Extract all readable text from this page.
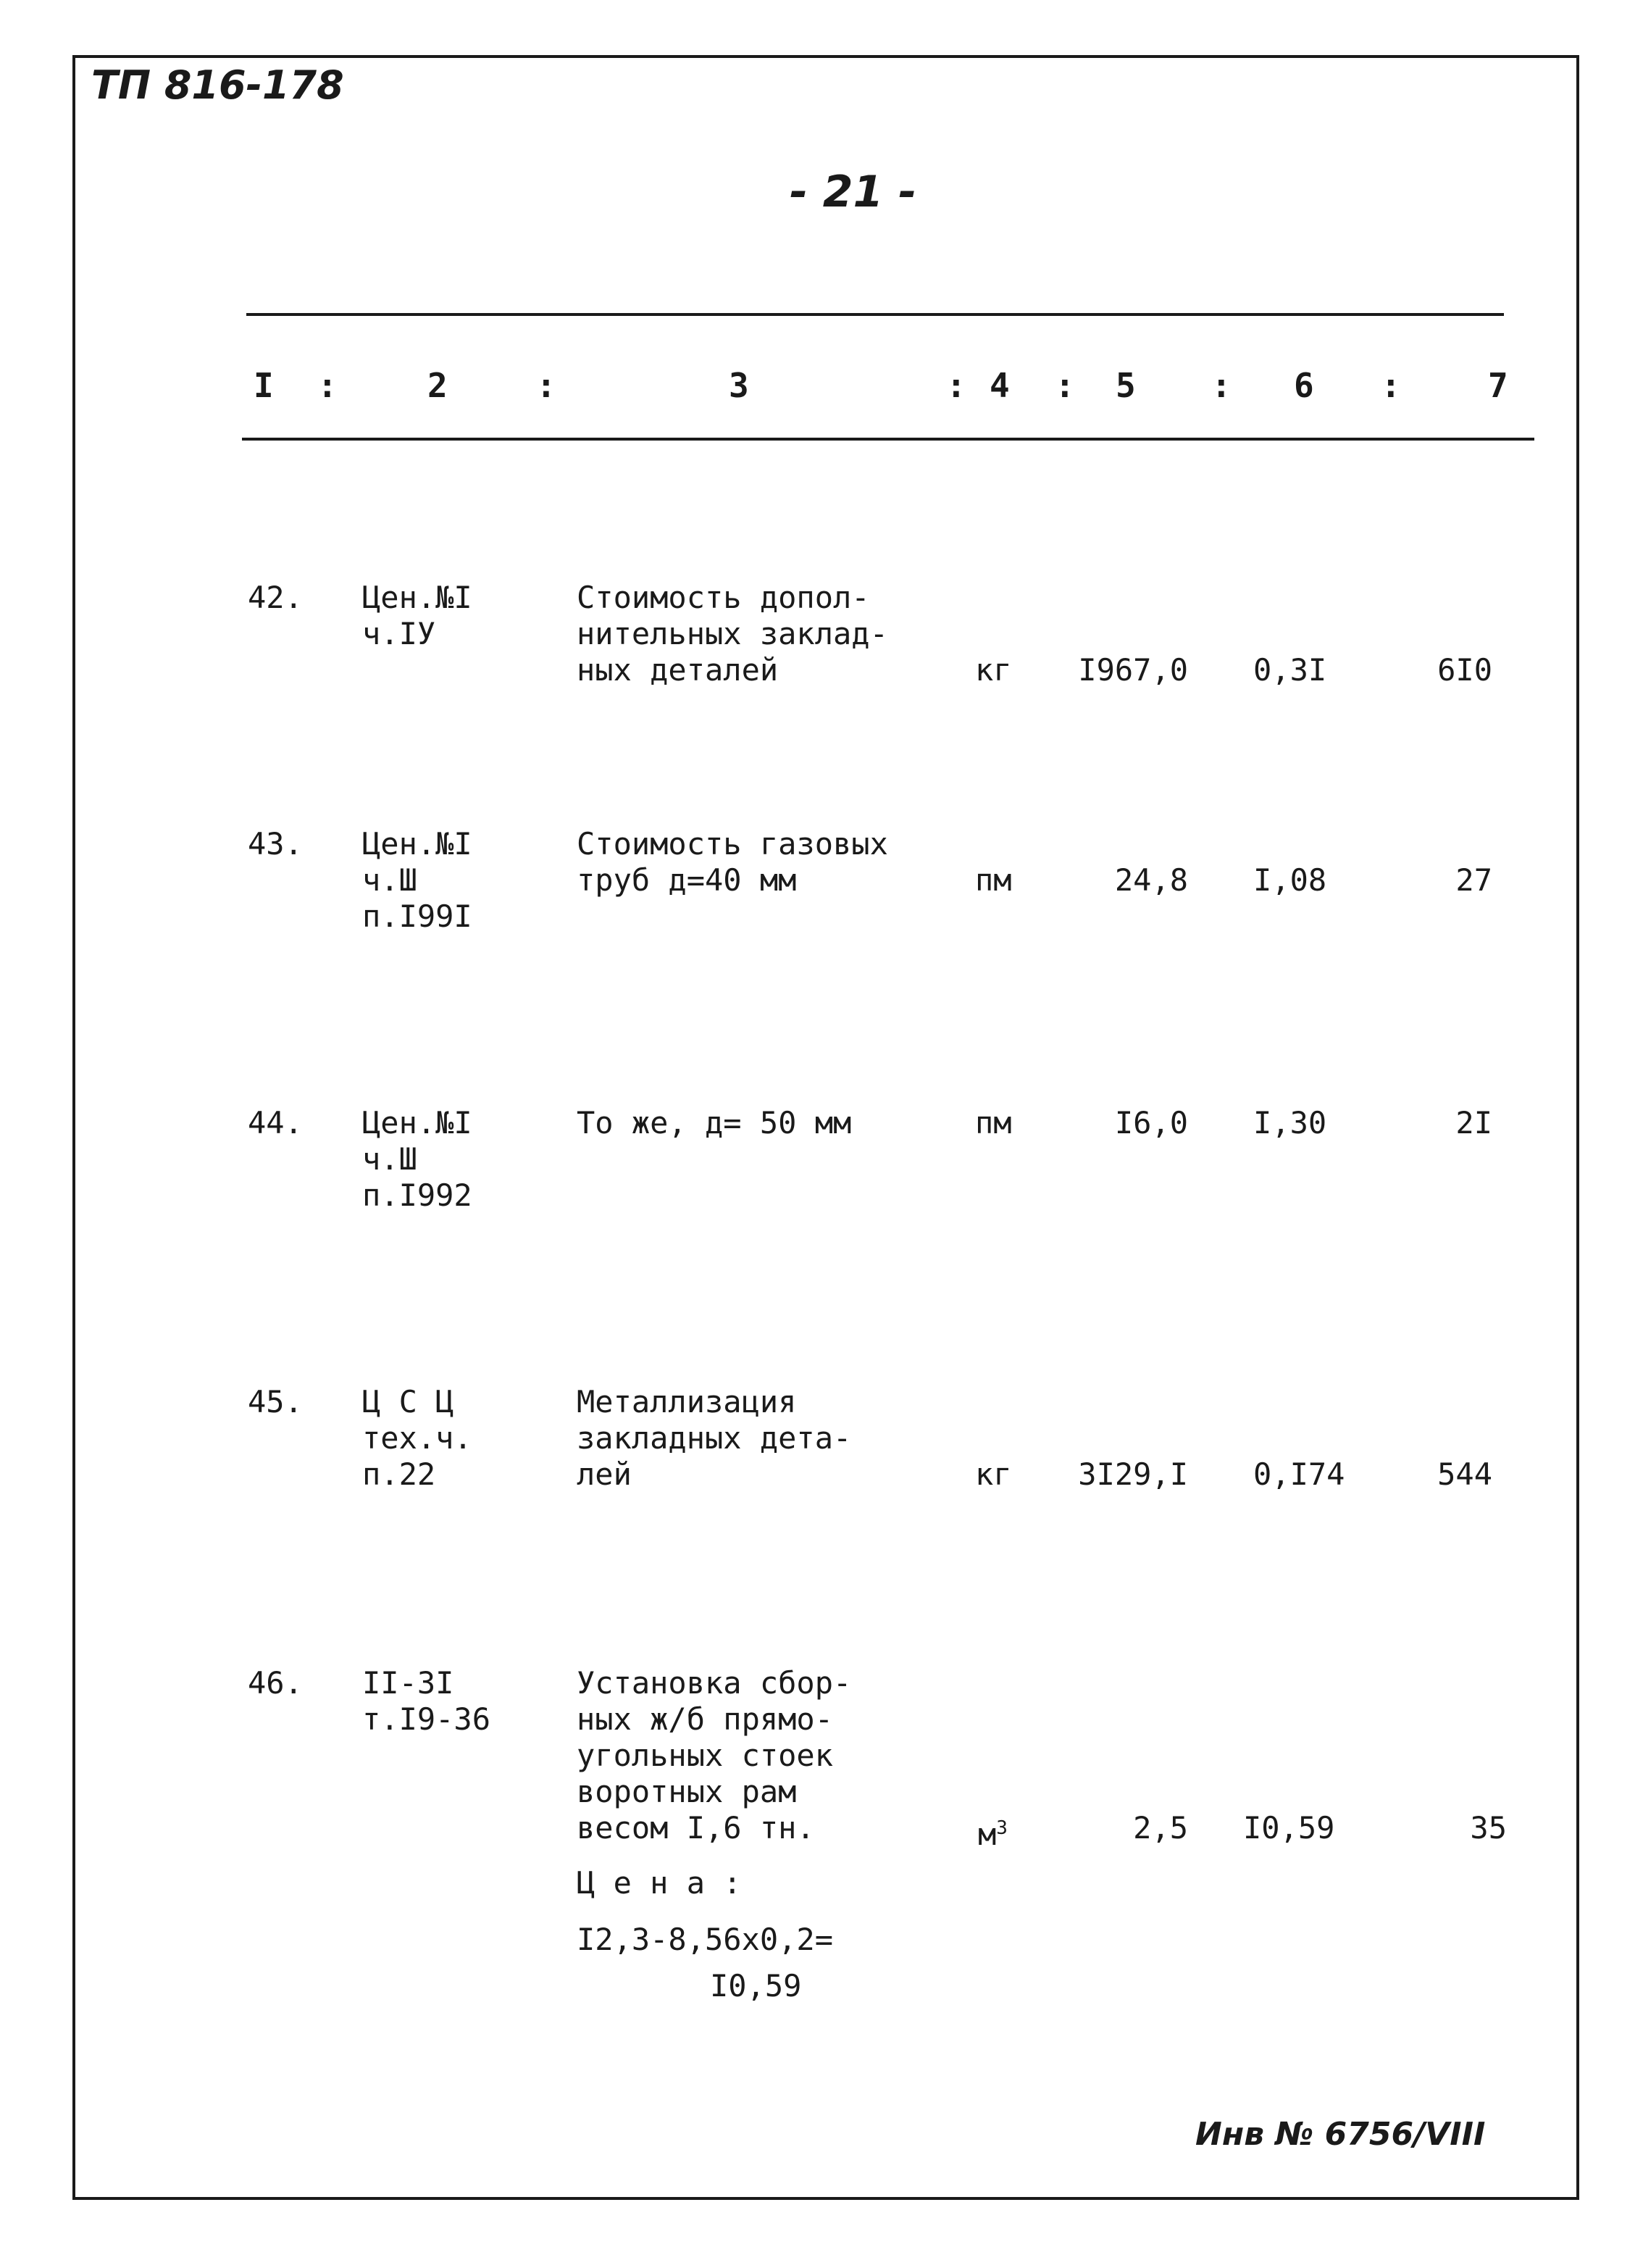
ТП 816-178
- 21 -
I :	2	:	3	: 4 : 5 : 6 :	7
42. Цен.№I
ч.IУ
Стоимость допол-
нительных заклад-
ных деталей	кг	I967,0 0,3I	6I0
43. Цен.№I
ч.Ш
п.I99I
Стоимость газовых
труб д=40 мм	пм	24,8 I,08	27
44. Цен.№I
ч.Ш
п.I992
То же, д= 50 мм	пм	I6,0 I,30	2I
45. Ц С Ц
тех.ч.
п.22
Металлизация
закладных дета-
лей	кг	3I29,I 0,I74	544
46. II-3I
т.I9-36
Установка сбор-
ных ж/б прямо-
угольных стоек
воротных рам
весом I,6 тн.	$м^3$	2,5 I0,59	35
Ц е н а :
I2,3-8,56х0,2=
I0,59
Инв № 6756/VIII
